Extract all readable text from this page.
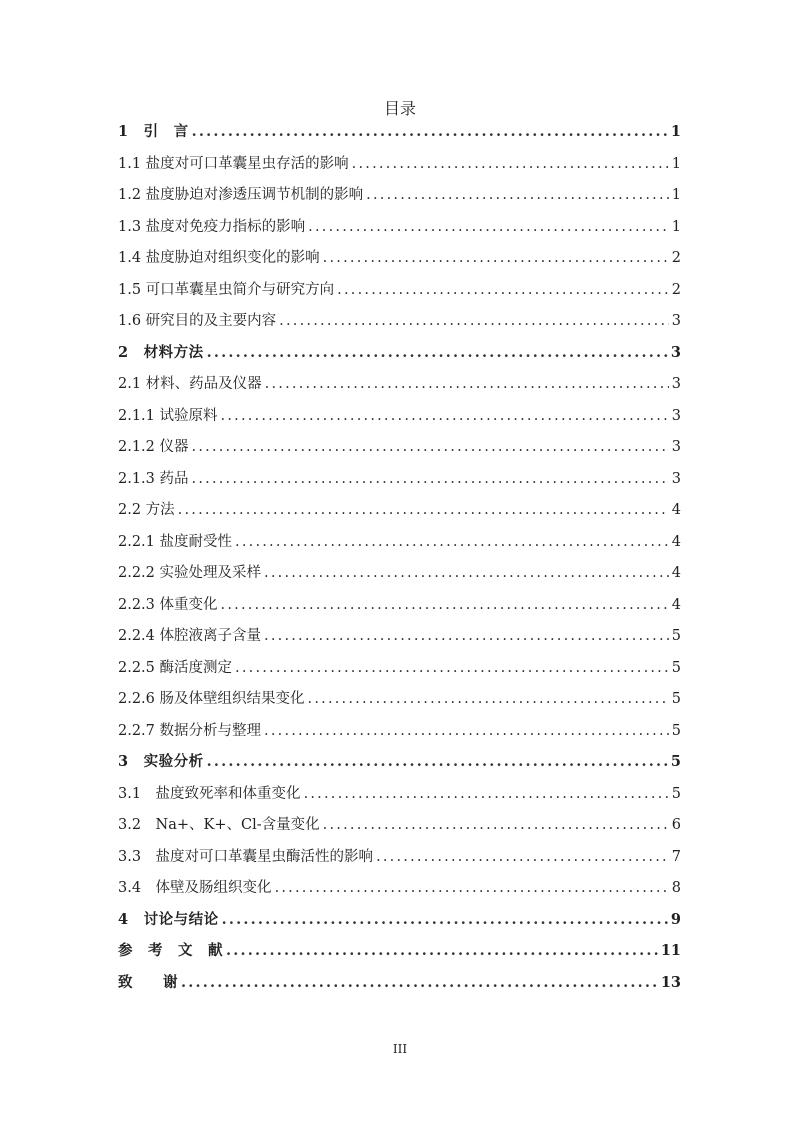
目录
1　引　言 .....	1
1.1 盐度对可口革囊星虫存活的影响 .....	1
1.2 盐度胁迫对渗透压调节机制的影响 .....	1
1.3 盐度对免疫力指标的影响 .....	1
1.4 盐度胁迫对组织变化的影响 .....	2
1.5 可口革囊星虫简介与研究方向 .....	2
1.6 研究目的及主要内容 .....	3
2　材料方法 .....	3
2.1 材料、药品及仪器 .....	3
2.1.1 试验原料 .....	3
2.1.2 仪器 .....	3
2.1.3 药品 .....	3
2.2 方法 .....	4
2.2.1 盐度耐受性 .....	4
2.2.2 实验处理及采样 .....	4
2.2.3 体重变化 .....	4
2.2.4 体腔液离子含量 .....	5
2.2.5 酶活度测定 .....	5
2.2.6 肠及体壁组织结果变化 .....	5
2.2.7 数据分析与整理 .....	5
3　实验分析 .....	5
3.1　盐度致死率和体重变化 .....	5
3.2　Na+、K+、Cl-含量变化 .....	6
3.3　盐度对可口革囊星虫酶活性的影响 .....	7
3.4　体壁及肠组织变化 .....	8
4　讨论与结论 .....	9
参　考　文　献 .....	11
致　　谢 .....	13
III
